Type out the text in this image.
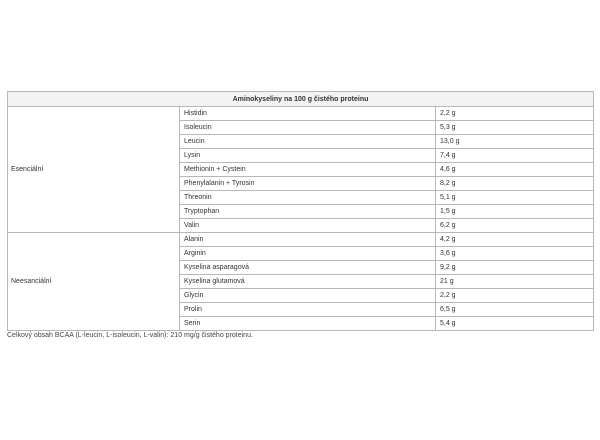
Aminokyseliny na 100 g čistého proteinu		
Esenciální	Histidin	2,2 g
	Isoleucin	5,3 g
	Leucin	13,0 g
	Lysin	7,4 g
	Methionin + Cystein	4,6 g
	Phenylalanin + Tyrosin	8,2 g
	Threonin	5,1 g
	Tryptophan	1,5 g
	Valin	6,2 g
Neesanciální	Alanin	4,2 g
	Arginin	3,6 g
	Kyselina asparagová	9,2 g
	Kyselina glutamová	21 g
	Glycin	2,2 g
	Prolin	6,5 g
	Serin	5,4 g
Celkový obsah BCAA (L-leucin, L-isoleucin, L-valin): 210 mg/g čistého proteinu.
